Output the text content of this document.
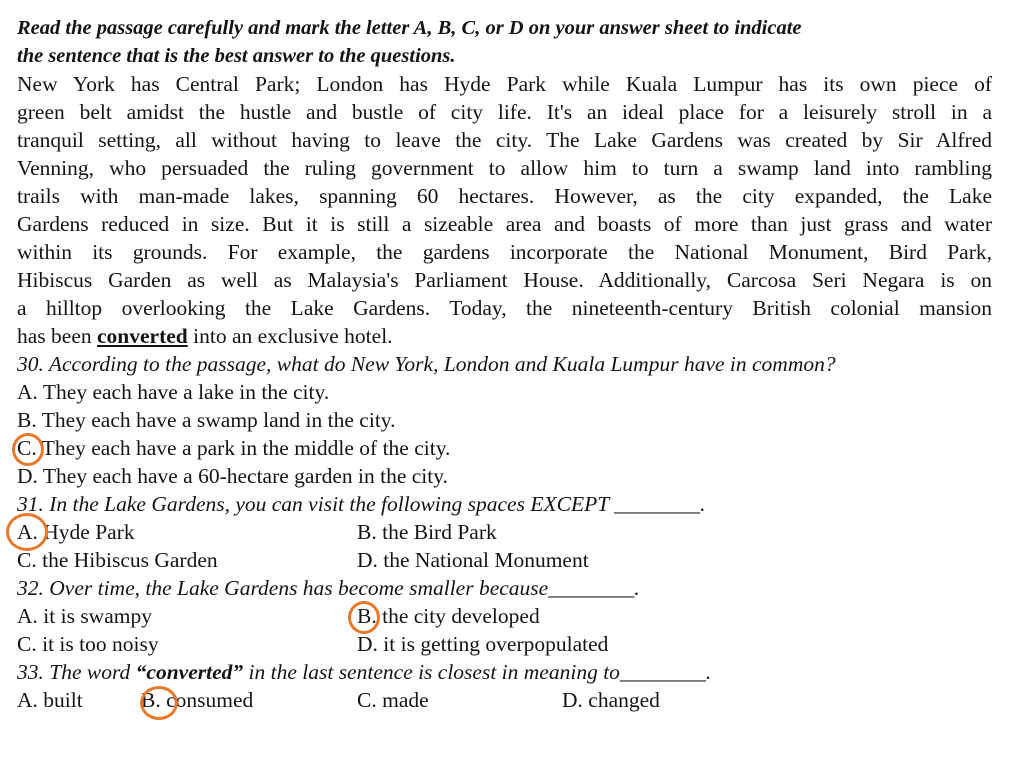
Read the passage carefully and mark the letter A, B, C, or D on your answer sheet to indicate
the sentence that is the best answer to the questions.
New York has Central Park; London has Hyde Park while Kuala Lumpur has its own piece of
green belt amidst the hustle and bustle of city life. It's an ideal place for a leisurely stroll in a
tranquil setting, all without having to leave the city. The Lake Gardens was created by Sir Alfred
Venning, who persuaded the ruling government to allow him to turn a swamp land into rambling
trails with man-made lakes, spanning 60 hectares. However, as the city expanded, the Lake
Gardens reduced in size. But it is still a sizeable area and boasts of more than just grass and water
within its grounds. For example, the gardens incorporate the National Monument, Bird Park,
Hibiscus Garden as well as Malaysia's Parliament House. Additionally, Carcosa Seri Negara is on
a hilltop overlooking the Lake Gardens. Today, the nineteenth-century British colonial mansion
has been converted into an exclusive hotel.
30. According to the passage, what do New York, London and Kuala Lumpur have in common?
A. They each have a lake in the city.
B. They each have a swamp land in the city.
C. They each have a park in the middle of the city.
D. They each have a 60-hectare garden in the city.
31. In the Lake Gardens, you can visit the following spaces EXCEPT ________.
A. Hyde Park	B. the Bird Park
C. the Hibiscus Garden	D. the National Monument
32. Over time, the Lake Gardens has become smaller because________.
A. it is swampy	B. the city developed
C. it is too noisy	D. it is getting overpopulated
33. The word “converted” in the last sentence is closest in meaning to________.
A. built	B. consumed	C. made	D. changed
